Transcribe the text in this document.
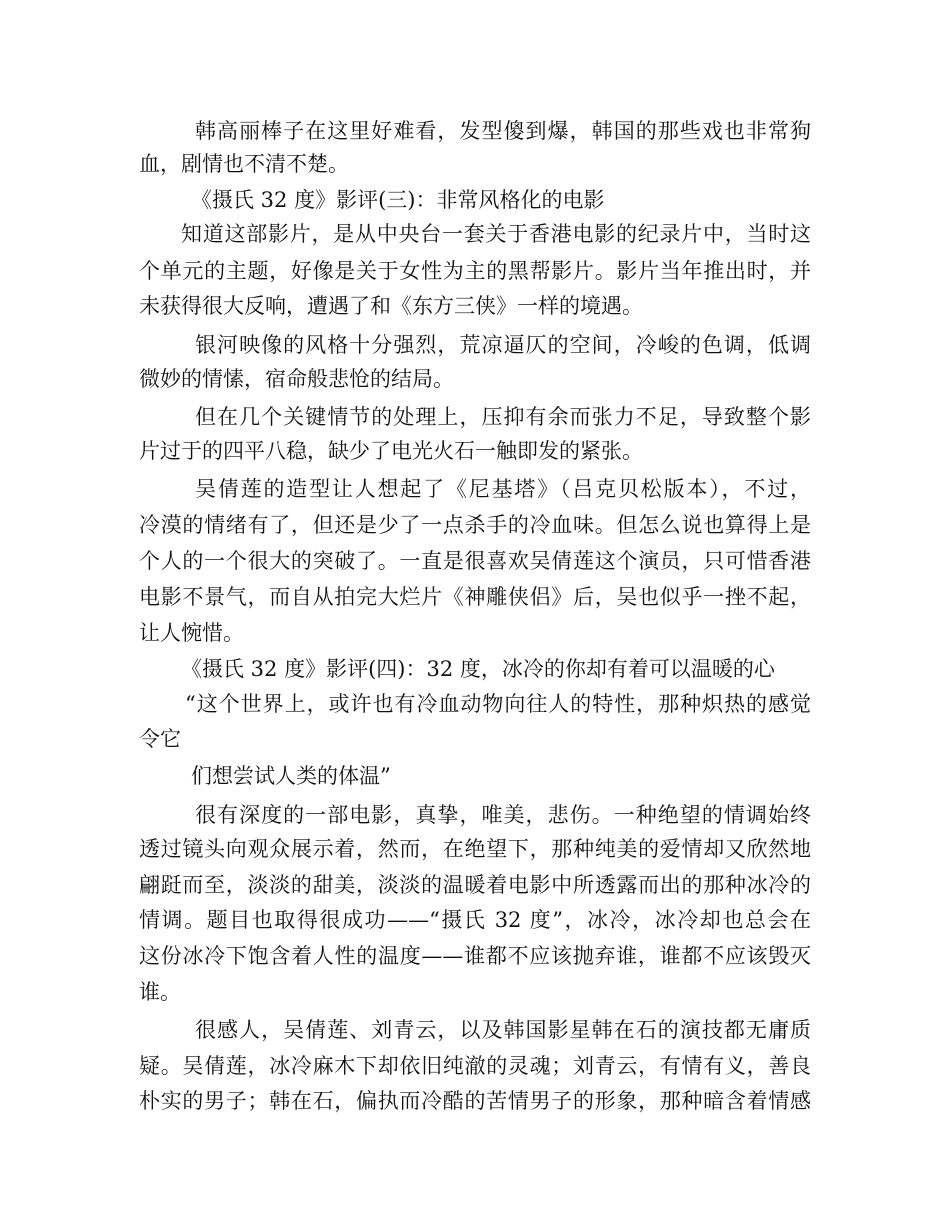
韩高丽棒子在这里好难看，发型傻到爆，韩国的那些戏也非常狗
血，剧情也不清不楚。
《摄氏 32 度》影评(三)：非常风格化的电影
知道这部影片，是从中央台一套关于香港电影的纪录片中，当时这
个单元的主题，好像是关于女性为主的黑帮影片。影片当年推出时，并
未获得很大反响，遭遇了和《东方三侠》一样的境遇。
银河映像的风格十分强烈，荒凉逼仄的空间，冷峻的色调，低调
微妙的情愫，宿命般悲怆的结局。
但在几个关键情节的处理上，压抑有余而张力不足，导致整个影
片过于的四平八稳，缺少了电光火石一触即发的紧张。
吴倩莲的造型让人想起了《尼基塔》（吕克贝松版本），不过，
冷漠的情绪有了，但还是少了一点杀手的冷血味。但怎么说也算得上是
个人的一个很大的突破了。一直是很喜欢吴倩莲这个演员，只可惜香港
电影不景气，而自从拍完大烂片《神雕侠侣》后，吴也似乎一挫不起，
让人惋惜。
《摄氏 32 度》影评(四)：32 度，冰冷的你却有着可以温暖的心
“这个世界上，或许也有冷血动物向往人的特性，那种炽热的感觉
令它
们想尝试人类的体温”
很有深度的一部电影，真挚，唯美，悲伤。一种绝望的情调始终
透过镜头向观众展示着，然而，在绝望下，那种纯美的爱情却又欣然地
翩跹而至，淡淡的甜美，淡淡的温暖着电影中所透露而出的那种冰冷的
情调。题目也取得很成功——“摄氏 32 度”，冰冷，冰冷却也总会在
这份冰冷下饱含着人性的温度——谁都不应该抛弃谁，谁都不应该毁灭
谁。
很感人，吴倩莲、刘青云，以及韩国影星韩在石的演技都无庸质
疑。吴倩莲，冰冷麻木下却依旧纯澈的灵魂；刘青云，有情有义，善良
朴实的男子；韩在石，偏执而冷酷的苦情男子的形象，那种暗含着情感
